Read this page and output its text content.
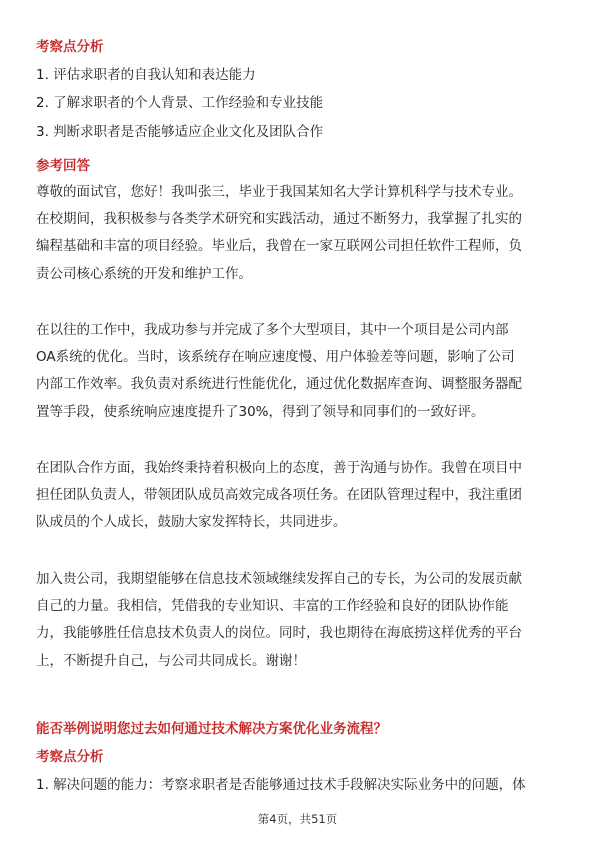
考察点分析
1. 评估求职者的自我认知和表达能力
2. 了解求职者的个人背景、工作经验和专业技能
3. 判断求职者是否能够适应企业文化及团队合作
参考回答
尊敬的面试官，您好！我叫张三，毕业于我国某知名大学计算机科学与技术专业。
在校期间，我积极参与各类学术研究和实践活动，通过不断努力，我掌握了扎实的
编程基础和丰富的项目经验。毕业后，我曾在一家互联网公司担任软件工程师，负
责公司核心系统的开发和维护工作。
在以往的工作中，我成功参与并完成了多个大型项目，其中一个项目是公司内部
OA系统的优化。当时，该系统存在响应速度慢、用户体验差等问题，影响了公司
内部工作效率。我负责对系统进行性能优化，通过优化数据库查询、调整服务器配
置等手段，使系统响应速度提升了30%，得到了领导和同事们的一致好评。
在团队合作方面，我始终秉持着积极向上的态度，善于沟通与协作。我曾在项目中
担任团队负责人，带领团队成员高效完成各项任务。在团队管理过程中，我注重团
队成员的个人成长，鼓励大家发挥特长，共同进步。
加入贵公司，我期望能够在信息技术领域继续发挥自己的专长，为公司的发展贡献
自己的力量。我相信，凭借我的专业知识、丰富的工作经验和良好的团队协作能
力，我能够胜任信息技术负责人的岗位。同时，我也期待在海底捞这样优秀的平台
上，不断提升自己，与公司共同成长。谢谢！
能否举例说明您过去如何通过技术解决方案优化业务流程？
考察点分析
1. 解决问题的能力：考察求职者是否能够通过技术手段解决实际业务中的问题，体
第4页，共51页
